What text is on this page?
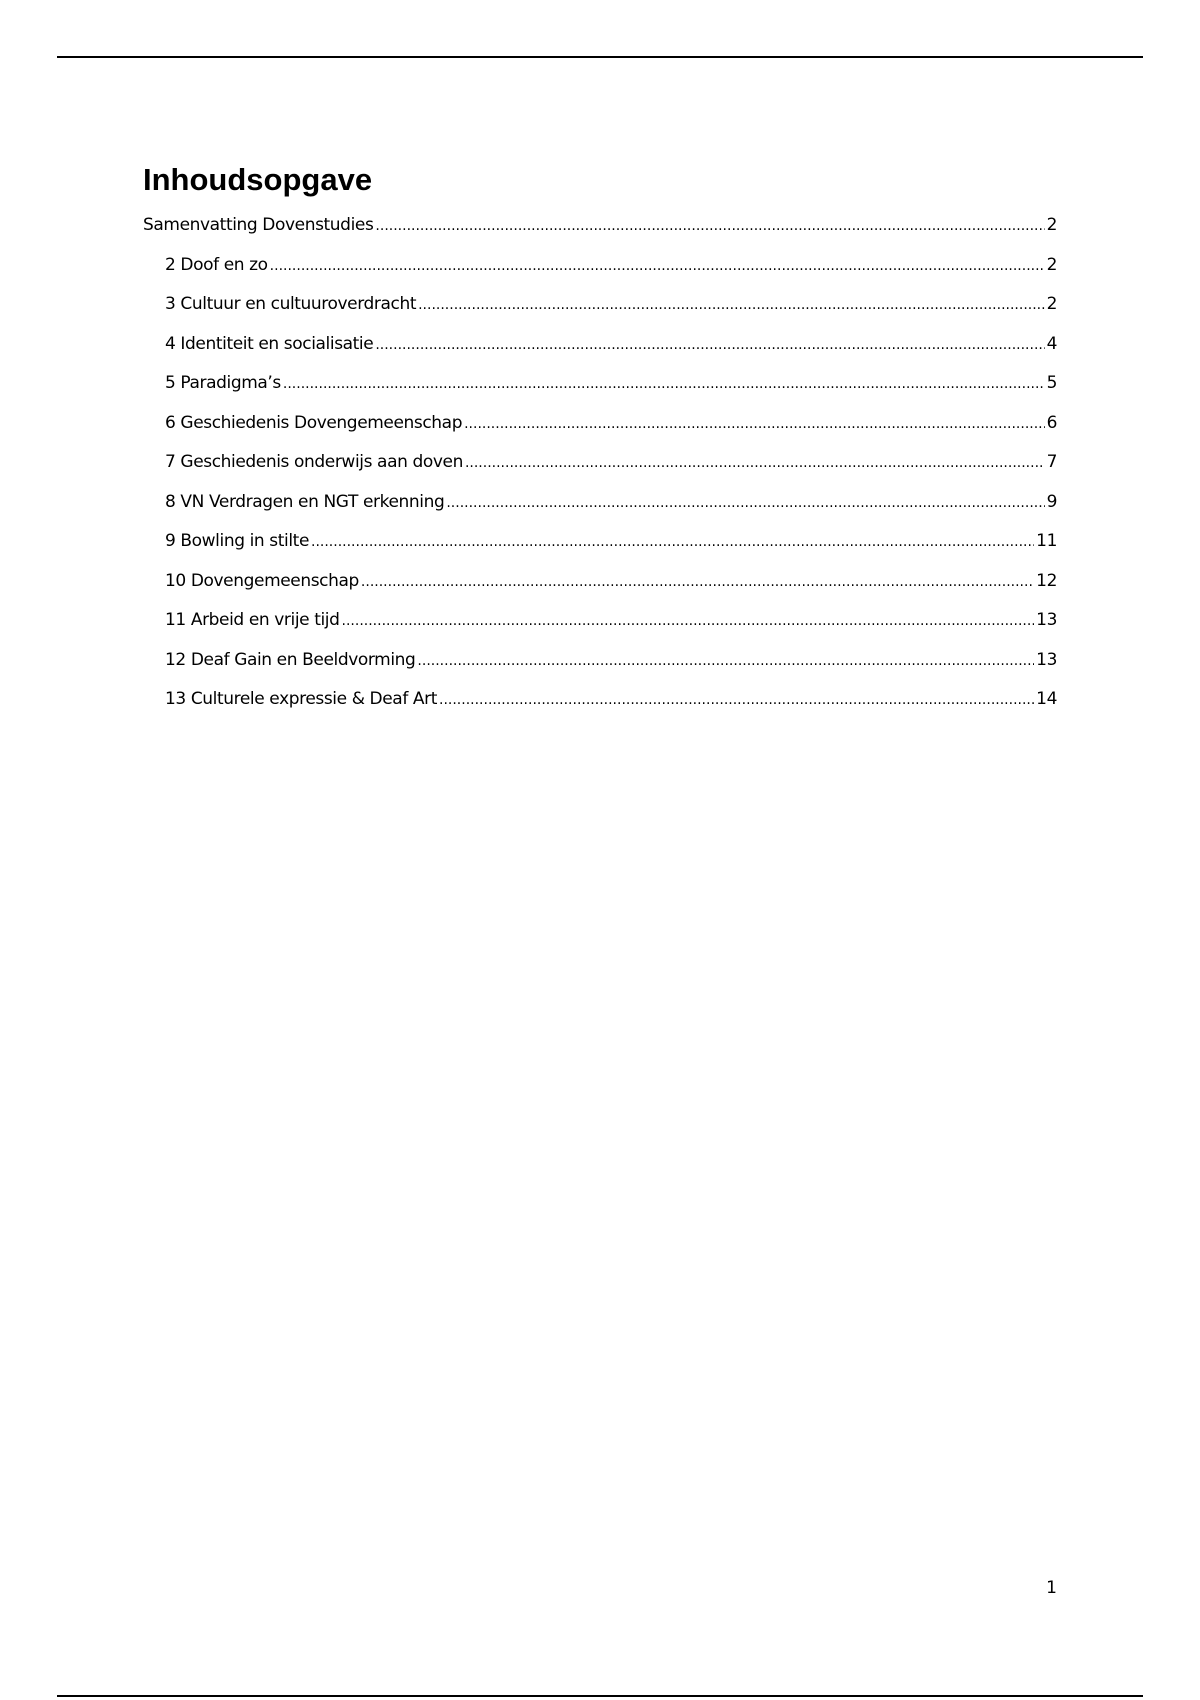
Inhoudsopgave
Samenvatting Dovenstudies .....	2
2 Doof en zo .....	2
3 Cultuur en cultuuroverdracht .....	2
4 Identiteit en socialisatie .....	4
5 Paradigma’s .....	5
6 Geschiedenis Dovengemeenschap .....	6
7 Geschiedenis onderwijs aan doven .....	7
8 VN Verdragen en NGT erkenning .....	9
9 Bowling in stilte .....	11
10 Dovengemeenschap .....	12
11 Arbeid en vrije tijd .....	13
12 Deaf Gain en Beeldvorming .....	13
13 Culturele expressie & Deaf Art .....	14
1
